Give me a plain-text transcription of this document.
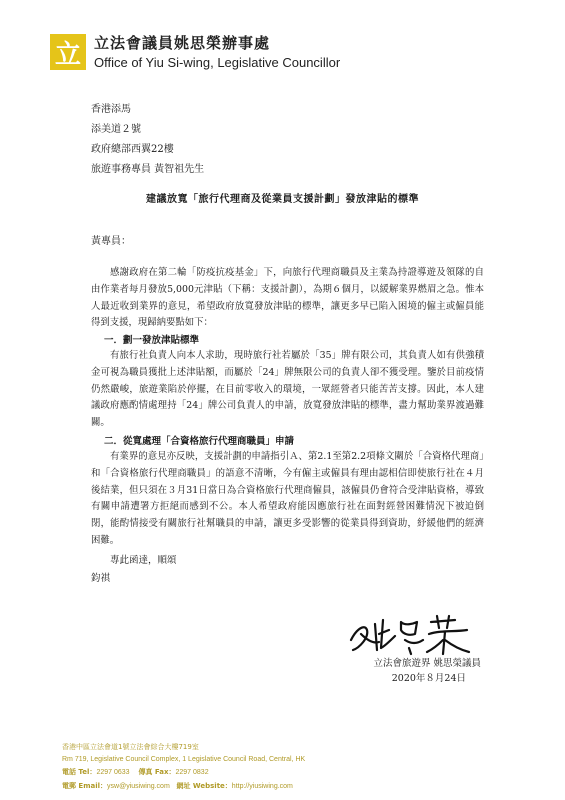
立 立法會議員姚思榮辦事處
Office of Yiu Si-wing, Legislative Councillor
香港添馬
添美道２號
政府總部西翼22樓
旅遊事務專員 黃智祖先生
建議放寬「旅行代理商及從業員支援計劃」發放津貼的標準
黃專員：
感謝政府在第二輪「防疫抗疫基金」下，向旅行代理商職員及主業為持證導遊及領隊的自由作業者每月發放5,000元津貼（下稱：支援計劃），為期６個月，以緩解業界燃眉之急。惟本人最近收到業界的意見，希望政府放寬發放津貼的標準，讓更多早已陷入困境的僱主或僱員能得到支援，現歸納要點如下：
一．劃一發放津貼標準
有旅行社負責人向本人求助，現時旅行社若屬於「35」牌有限公司，其負責人如有供強積金可視為職員獲批上述津貼額，而屬於「24」牌無限公司的負責人卻不獲受理。鑒於目前疫情仍然嚴峻，旅遊業陷於停擺，在目前零收入的環境，一眾經營者只能苦苦支撐。因此，本人建議政府應酌情處理持「24」牌公司負責人的申請，放寬發放津貼的標準，盡力幫助業界渡過難關。
二．從寬處理「合資格旅行代理商職員」申請
有業界的意見亦反映，支援計劃的申請指引Ａ、第2.1至第2.2項條文關於「合資格代理商」和「合資格旅行代理商職員」的語意不清晰，今有僱主或僱員有理由認相信即使旅行社在４月後結業，但只須在３月31日當日為合資格旅行代理商僱員，該僱員仍會符合受津貼資格，導致有關申請遭署方拒絕而感到不公。本人希望政府能因應旅行社在面對經營困難情況下被迫倒閉，能酌情接受有關旅行社幫職員的申請，讓更多受影響的從業員得到資助，紓緩他們的經濟困難。
專此函達，順頌
鈞祺
立法會旅遊界 姚思榮議員
2020年８月24日
香港中區立法會道1號立法會綜合大樓719室
Rm 719, Legislative Council Complex, 1 Legislative Council Road, Central, HK
電話 Tel：2297 0633 傳真 Fax：2297 0832
電郵 Email：ysw@yiusiwing.com 網址 Website：http://yiusiwing.com
